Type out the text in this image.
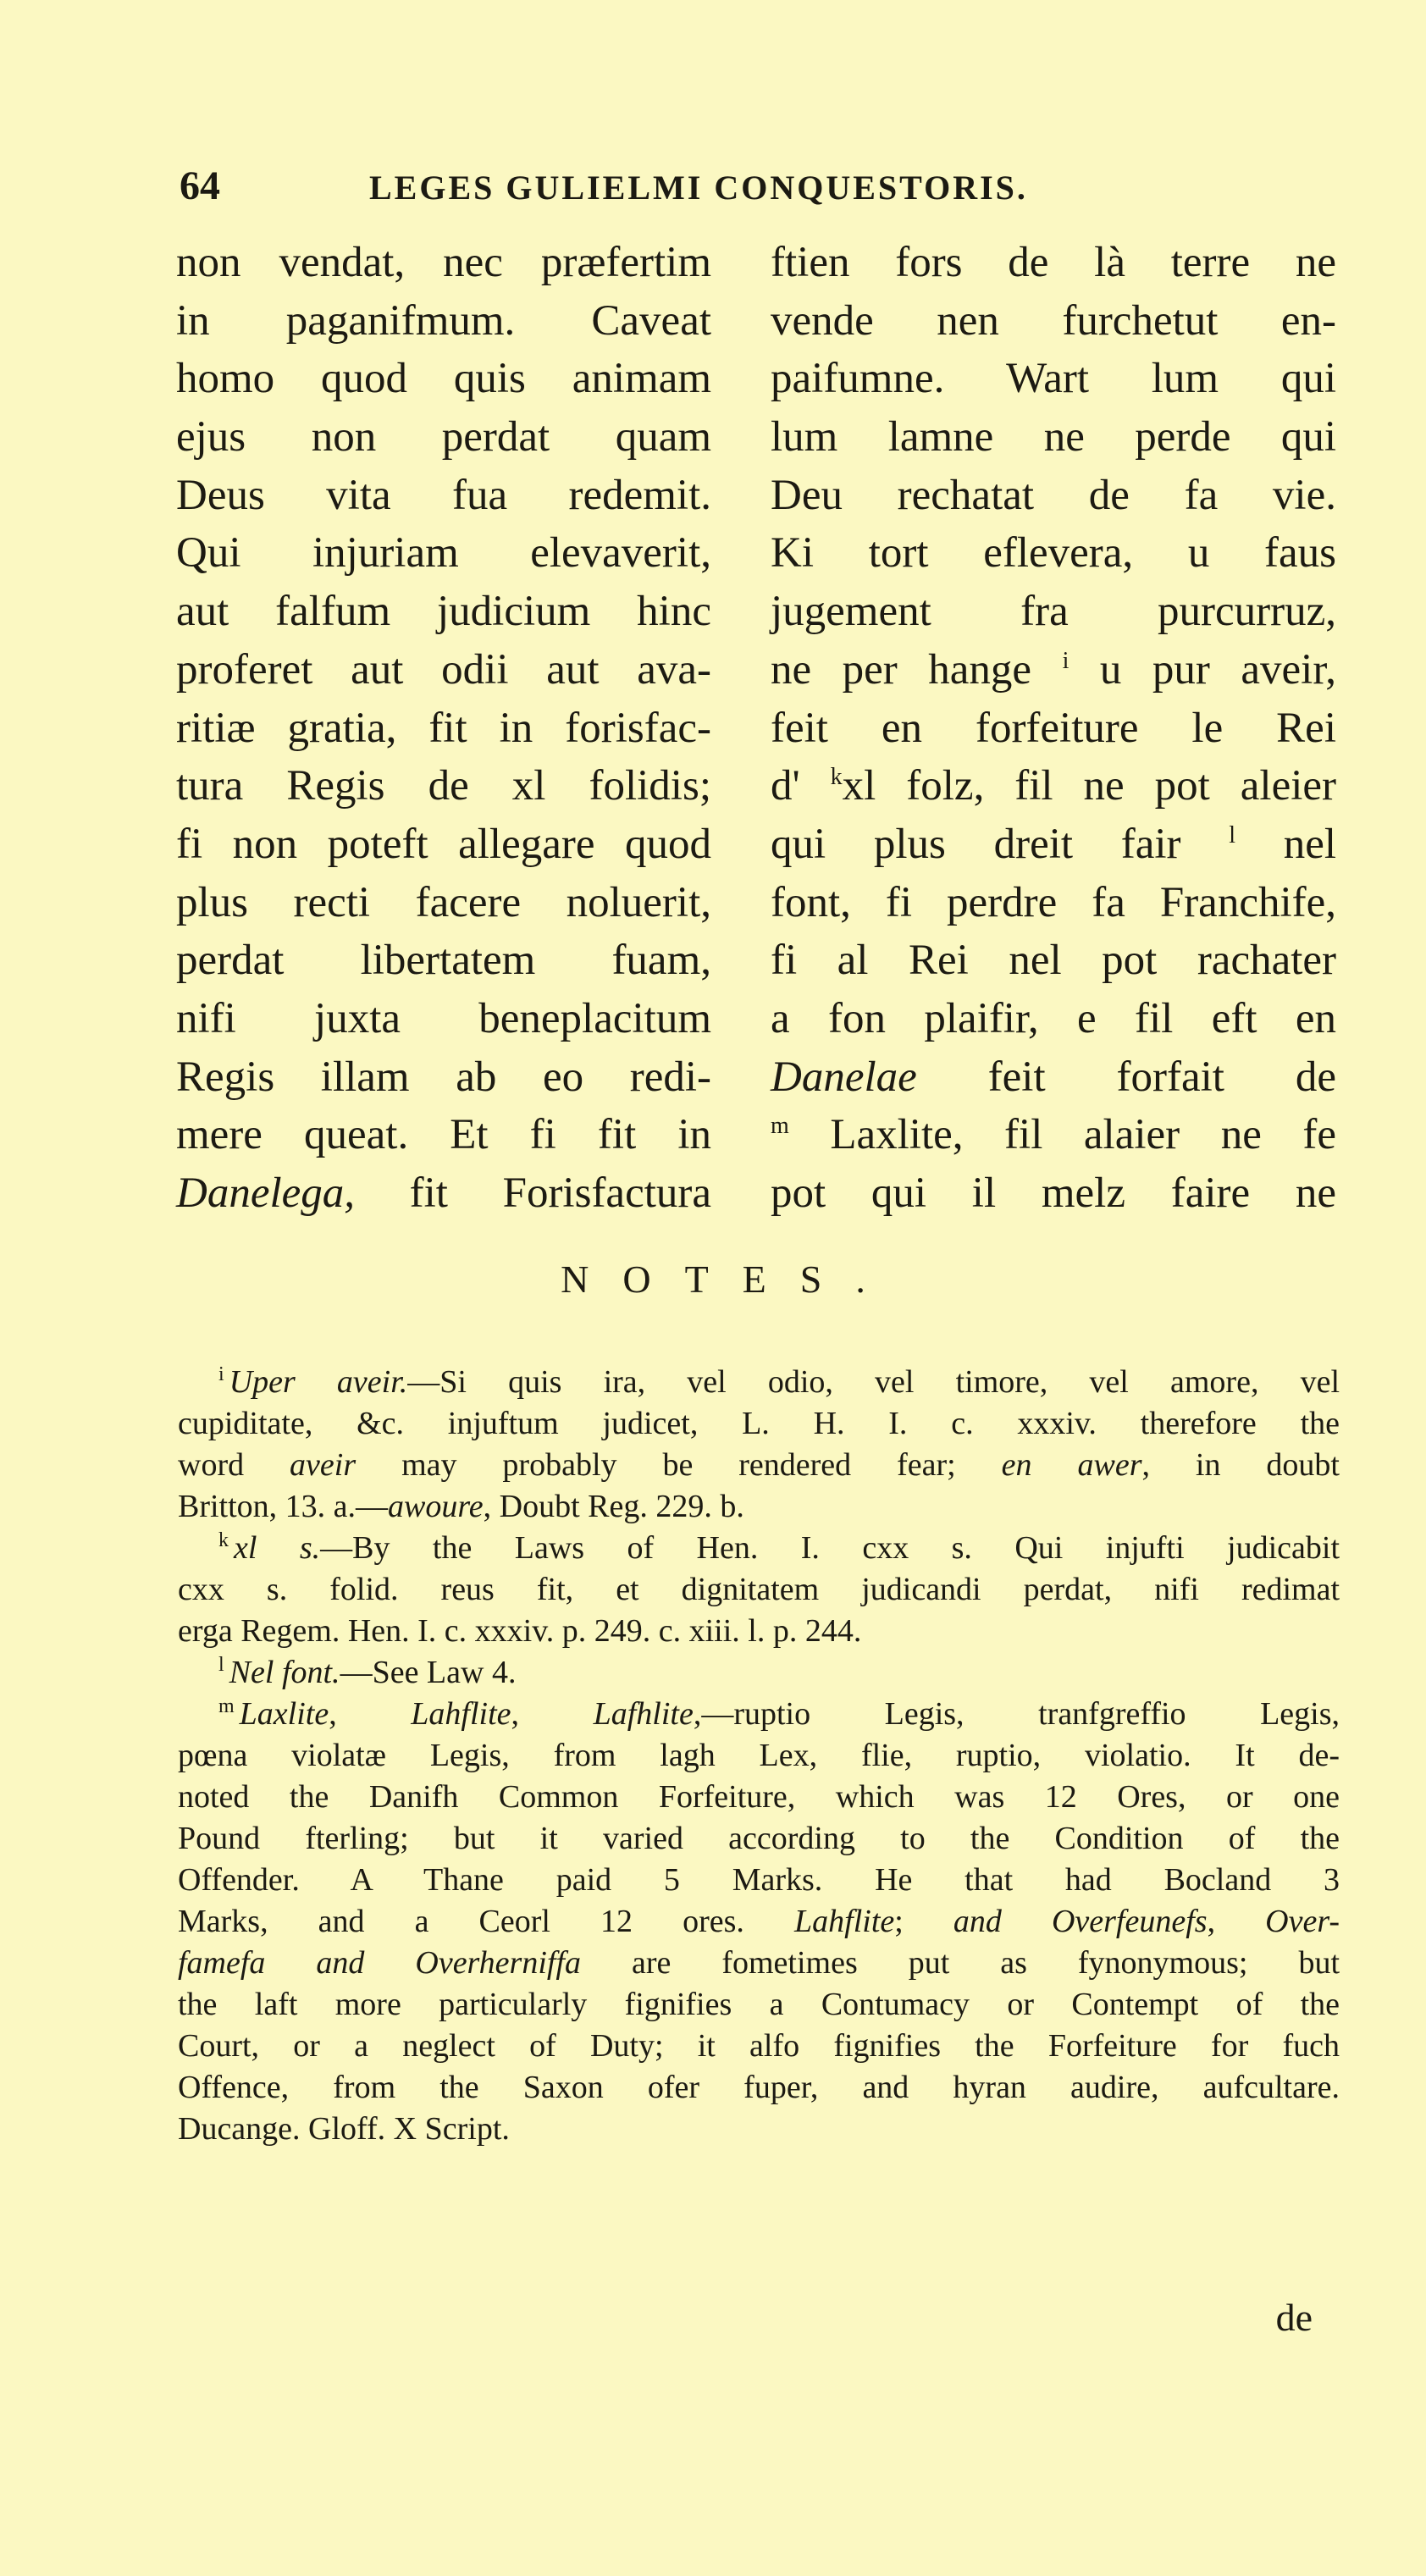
64	LEGES GULIELMI CONQUESTORIS.
non vendat, nec præfertim
in paganifmum. Caveat
homo quod quis animam
ejus non perdat quam
Deus vita fua redemit.
Qui injuriam elevaverit,
aut falfum judicium hinc
proferet aut odii aut ava-
ritiæ gratia, fit in forisfac-
tura Regis de xl folidis;
fi non poteft allegare quod
plus recti facere noluerit,
perdat libertatem fuam,
nifi juxta beneplacitum
Regis illam ab eo redi-
mere queat. Et fi fit in
Danelega, fit Forisfactura
ftien fors de là terre ne
vende nen furchetut en-
paifumne. Wart lum qui
lum lamne ne perde qui
Deu rechatat de fa vie.
Ki tort eflevera, u faus
jugement fra purcurruz,
ne per hange $^i$ u pur aveir,
feit en forfeiture le Rei
d' $^k$xl folz, fil ne pot aleier
qui plus dreit fair $^l$ nel
font, fi perdre fa Franchife,
fi al Rei nel pot rachater
a fon plaifir, e fil eft en
Danelae feit forfait de
$^m$ Laxlite, fil alaier ne fe
pot qui il melz faire ne
NOTES.
$^i$ Uper aveir.—Si quis ira, vel odio, vel timore, vel amore, vel
cupiditate, &c. injuftum judicet, L. H. I. c. xxxiv. therefore the
word aveir may probably be rendered fear; en awer, in doubt
Britton, 13. a.—awoure, Doubt Reg. 229. b.
$^k$ xl s.—By the Laws of Hen. I. cxx s. Qui injufti judicabit
cxx s. folid. reus fit, et dignitatem judicandi perdat, nifi redimat
erga Regem. Hen. I. c. xxxiv. p. 249. c. xiii. l. p. 244.
$^l$ Nel font.—See Law 4.
$^m$ Laxlite, Lahflite, Lafhlite,—ruptio Legis, tranfgreffio Legis,
pœna violatæ Legis, from lagh Lex, flie, ruptio, violatio. It de-
noted the Danifh Common Forfeiture, which was 12 Ores, or one
Pound fterling; but it varied according to the Condition of the
Offender. A Thane paid 5 Marks. He that had Bocland 3
Marks, and a Ceorl 12 ores. Lahflite; and Overfeunefs, Over-
famefa and Overherniffa are fometimes put as fynonymous; but
the laft more particularly fignifies a Contumacy or Contempt of the
Court, or a neglect of Duty; it alfo fignifies the Forfeiture for fuch
Offence, from the Saxon ofer fuper, and hyran audire, aufcultare.
Ducange. Gloff. X Script.
de
